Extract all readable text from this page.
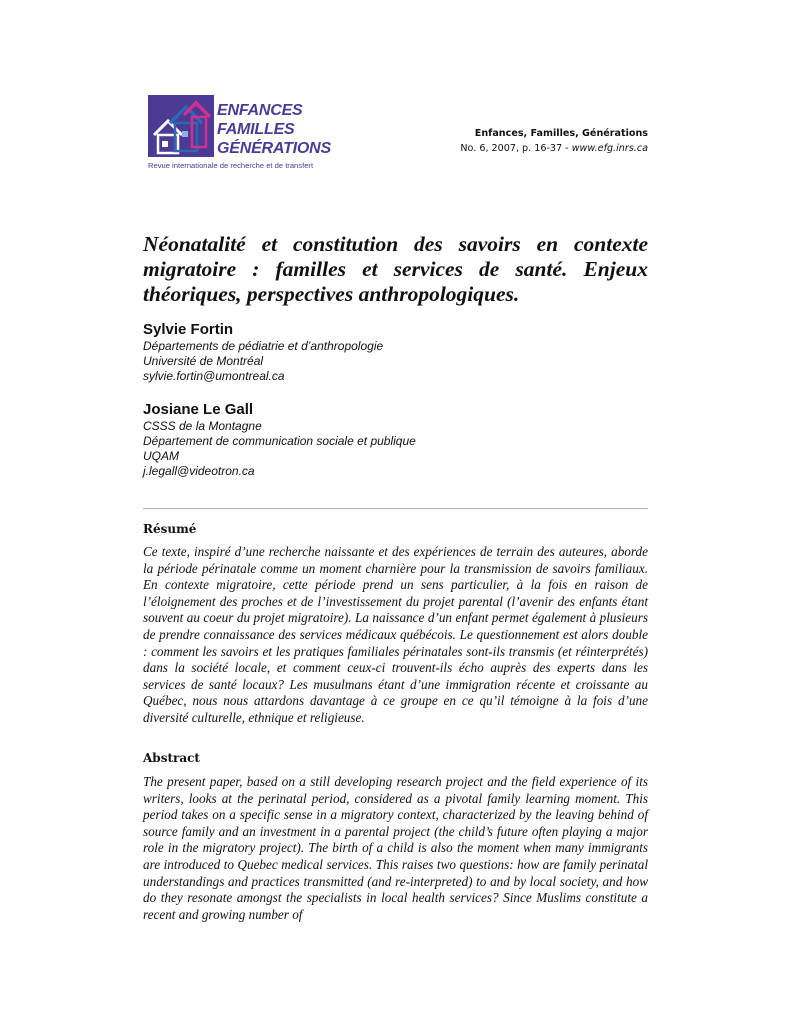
ENFANCES
FAMILLES
GÉNÉRATIONS
Revue internationale de recherche et de transfert
Enfances, Familles, Générations
No. 6, 2007, p. 16-37 - www.efg.inrs.ca
Néonatalité et constitution des savoirs en contexte migratoire : familles et services de santé. Enjeux théoriques, perspectives anthropologiques.
Sylvie Fortin
Départements de pédiatrie et d’anthropologie
Université de Montréal
sylvie.fortin@umontreal.ca
Josiane Le Gall
CSSS de la Montagne
Département de communication sociale et publique
UQAM
j.legall@videotron.ca
Résumé

Ce texte, inspiré d’une recherche naissante et des expériences de terrain des auteures, aborde la période périnatale comme un moment charnière pour la transmission de savoirs familiaux. En contexte migratoire, cette période prend un sens particulier, à la fois en raison de l’éloignement des proches et de l’investissement du projet parental (l’avenir des enfants étant souvent au coeur du projet migratoire). La naissance d’un enfant permet également à plusieurs de prendre connaissance des services médicaux québécois. Le questionnement est alors double : comment les savoirs et les pratiques familiales périnatales sont-ils transmis (et réinterprétés) dans la société locale, et comment ceux-ci trouvent-ils écho auprès des experts dans les services de santé locaux? Les musulmans étant d’une immigration récente et croissante au Québec, nous nous attardons davantage à ce groupe en ce qu’il témoigne à la fois d’une diversité culturelle, ethnique et religieuse.

Abstract

The present paper, based on a still developing research project and the field experience of its writers, looks at the perinatal period, considered as a pivotal family learning moment. This period takes on a specific sense in a migratory context, characterized by the leaving behind of source family and an investment in a parental project (the child’s future often playing a major role in the migratory project). The birth of a child is also the moment when many immigrants are introduced to Quebec medical services. This raises two questions: how are family perinatal understandings and practices transmitted (and re-interpreted) to and by local society, and how do they resonate amongst the specialists in local health services? Since Muslims constitute a recent and growing number of
